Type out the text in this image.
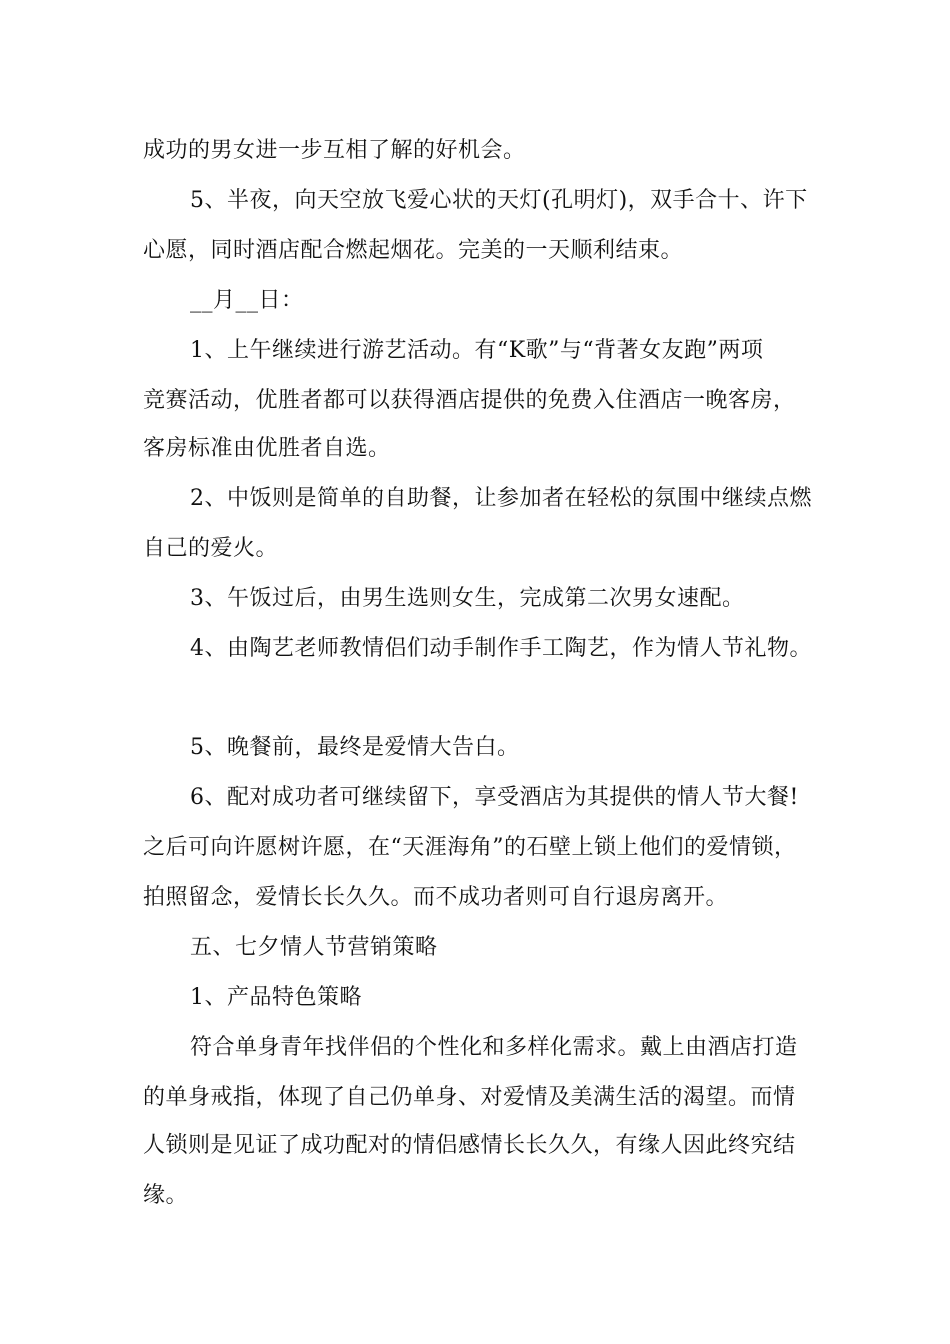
成功的男女进一步互相了解的好机会。
5、半夜，向天空放飞爱心状的天灯(孔明灯)，双手合十、许下
心愿，同时酒店配合燃起烟花。完美的一天顺利结束。
__月__日：
1、上午继续进行游艺活动。有“K歌”与“背著女友跑”两项
竞赛活动，优胜者都可以获得酒店提供的免费入住酒店一晚客房，
客房标准由优胜者自选。
2、中饭则是简单的自助餐，让参加者在轻松的氛围中继续点燃
自己的爱火。
3、午饭过后，由男生选则女生，完成第二次男女速配。
4、由陶艺老师教情侣们动手制作手工陶艺，作为情人节礼物。
5、晚餐前，最终是爱情大告白。
6、配对成功者可继续留下，享受酒店为其提供的情人节大餐!
之后可向许愿树许愿，在“天涯海角”的石壁上锁上他们的爱情锁，
拍照留念，爱情长长久久。而不成功者则可自行退房离开。
五、七夕情人节营销策略
1、产品特色策略
符合单身青年找伴侣的个性化和多样化需求。戴上由酒店打造
的单身戒指，体现了自己仍单身、对爱情及美满生活的渴望。而情
人锁则是见证了成功配对的情侣感情长长久久，有缘人因此终究结
缘。
